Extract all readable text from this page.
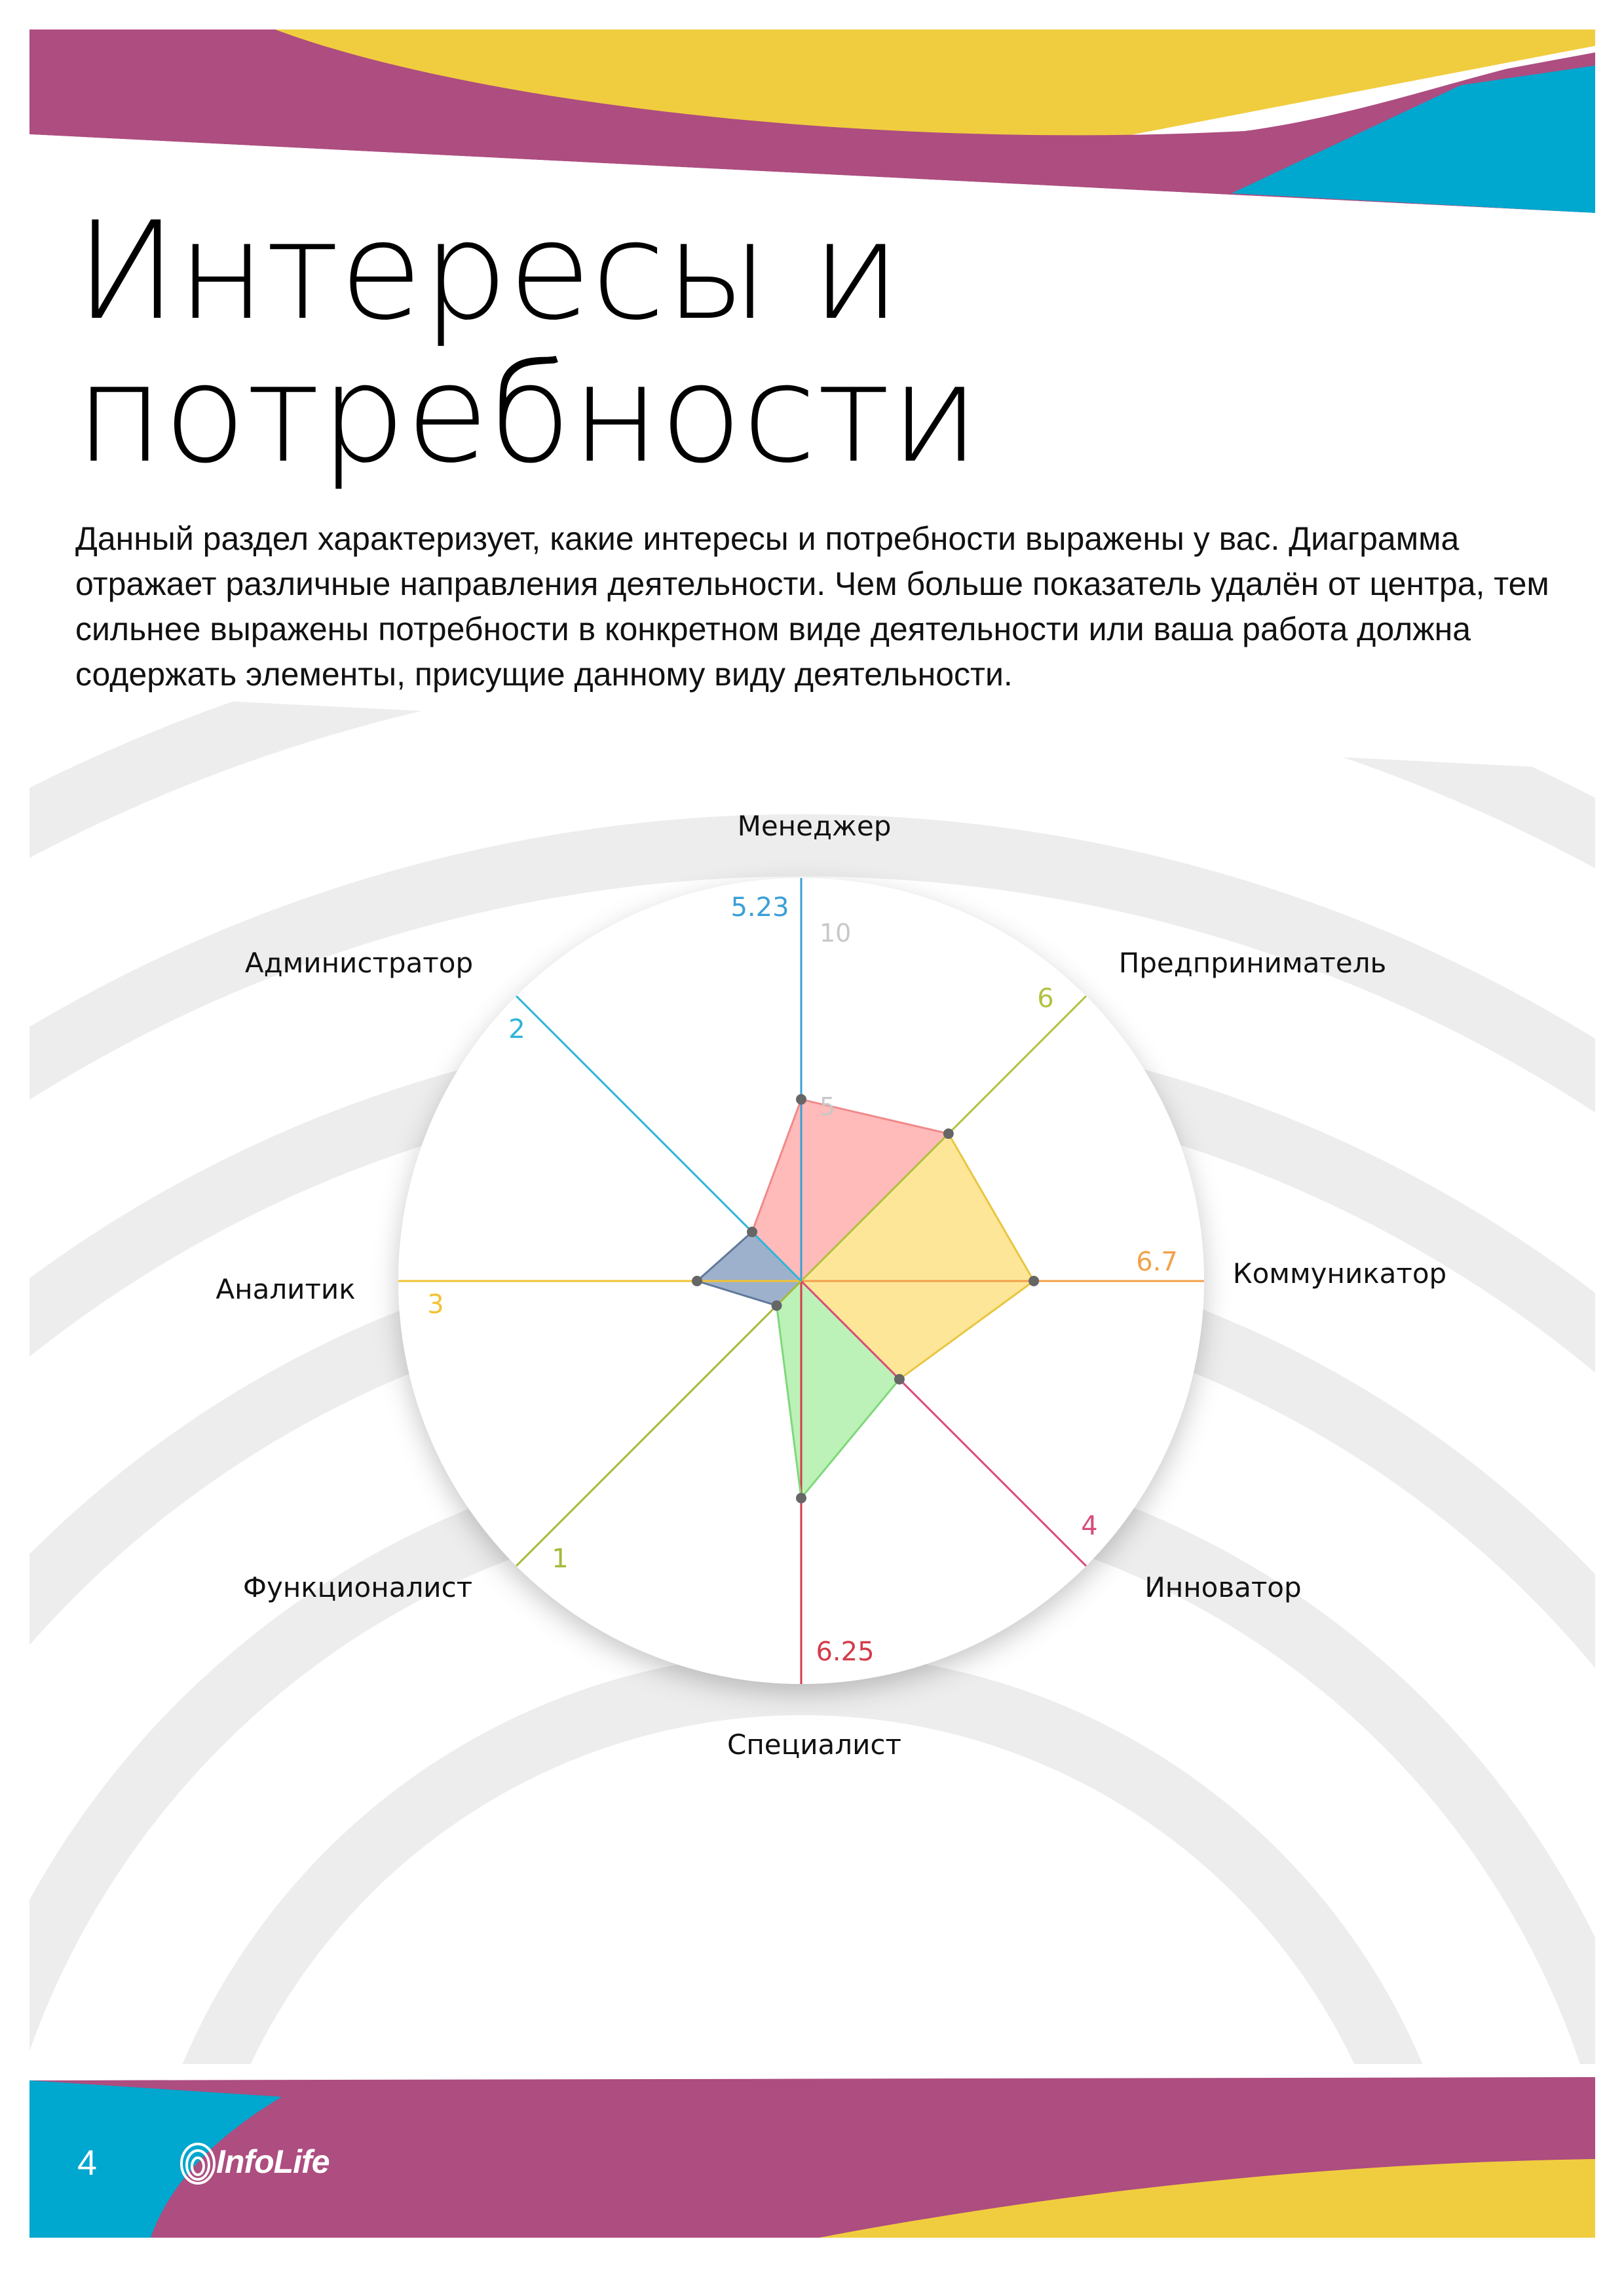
Интересы и
потребности

Данный раздел характеризует, какие интересы и потребности выражены у вас. Диаграмма отражает различные направления деятельности. Чем больше показатель удалён от центра, тем сильнее выражены потребности в конкретном виде деятельности или ваша работа должна содержать элементы, присущие данному виду деятельности.

5
10
5.23
6
6.7
4
6.25
1
3
2
Менеджер
Предприниматель
Коммуникатор
Инноватор
Специалист
Функционалист
Аналитик
Администратор
4	InfoLife
